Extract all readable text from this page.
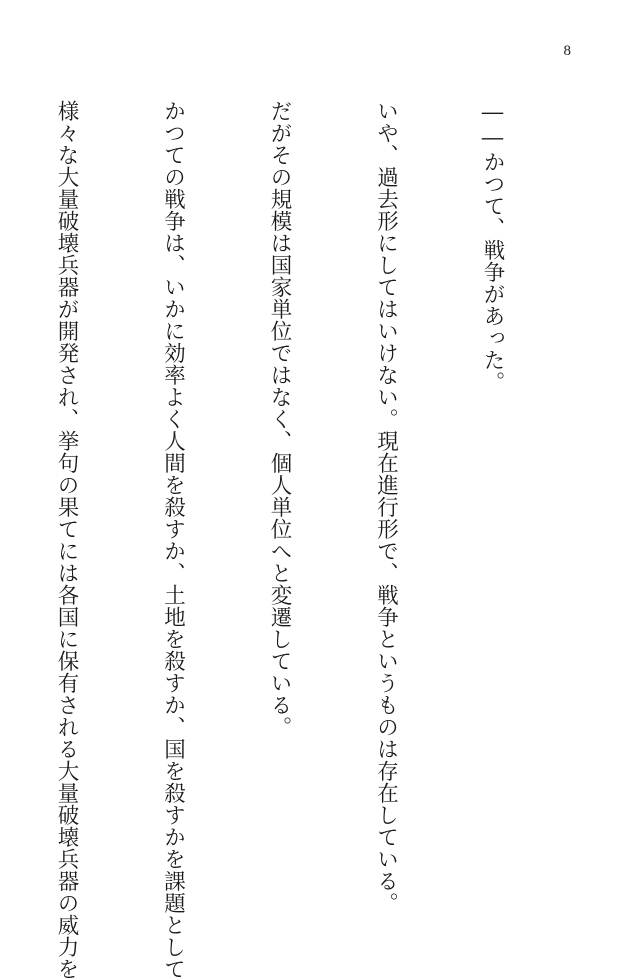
8

――かつて、戦争があった。

いや、過去形にしてはいけない。現在進行形で、戦争というものは存在している。

だがその規模は国家単位ではなく、個人単位へと変遷している。

かつての戦争は、いかに効率よく人間を殺すか、土地を殺すか、国を殺すかを課題として

様々な大量破壊兵器が開発され、挙句の果てには各国に保有される大量破壊兵器の威力を
